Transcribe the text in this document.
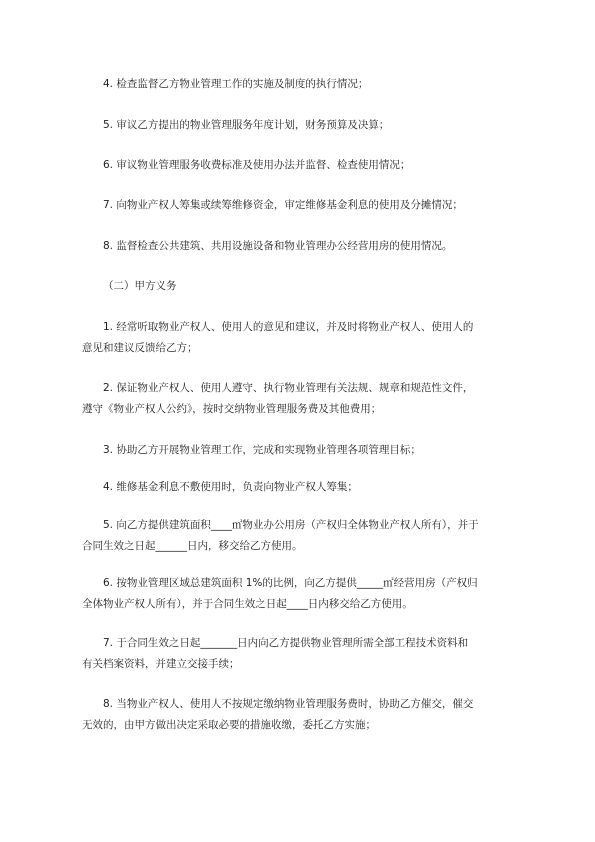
4. 检查监督乙方物业管理工作的实施及制度的执行情况；
5. 审议乙方提出的物业管理服务年度计划，财务预算及决算；
6. 审议物业管理服务收费标准及使用办法并监督、检查使用情况；
7. 向物业产权人筹集或续筹维修资金，审定维修基金利息的使用及分摊情况；
8. 监督检查公共建筑、共用设施设备和物业管理办公经营用房的使用情况。
（二）甲方义务
1. 经常听取物业产权人、使用人的意见和建议，并及时将物业产权人、使用人的
意见和建议反馈给乙方；
2. 保证物业产权人、使用人遵守、执行物业管理有关法规、规章和规范性文件，
遵守《物业产权人公约》，按时交纳物业管理服务费及其他费用；
3. 协助乙方开展物业管理工作，完成和实现物业管理各项管理目标；
4. 维修基金利息不敷使用时，负责向物业产权人筹集；
5. 向乙方提供建筑面积____㎡物业办公用房（产权归全体物业产权人所有），并于
合同生效之日起______日内，移交给乙方使用。
6. 按物业管理区域总建筑面积 1%的比例，向乙方提供_____㎡经营用房（产权归
全体物业产权人所有），并于合同生效之日起____日内移交给乙方使用。
7. 于合同生效之日起_______日内向乙方提供物业管理所需全部工程技术资料和
有关档案资料，并建立交接手续；
8. 当物业产权人、使用人不按规定缴纳物业管理服务费时，协助乙方催交，催交
无效的，由甲方做出决定采取必要的措施收缴，委托乙方实施；
